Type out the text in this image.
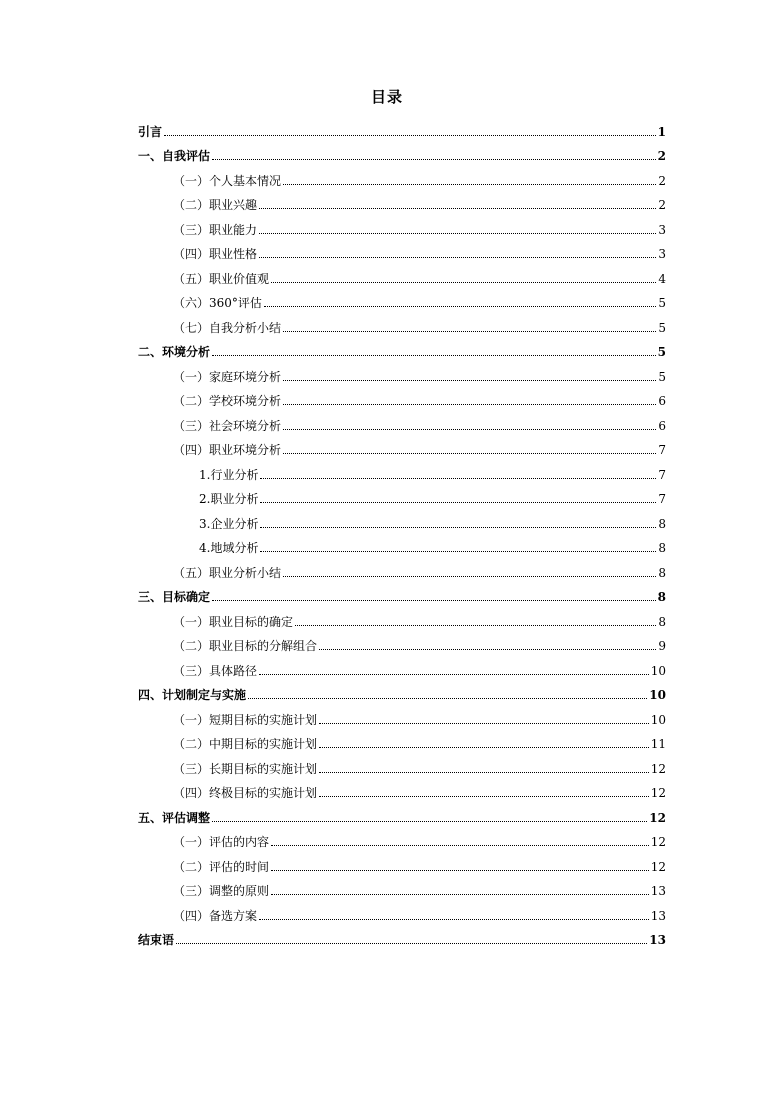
目录
引言	1
一、自我评估	2
（一）个人基本情况	2
（二）职业兴趣	2
（三）职业能力	3
（四）职业性格	3
（五）职业价值观	4
（六）360°评估	5
（七）自我分析小结	5
二、环境分析	5
（一）家庭环境分析	5
（二）学校环境分析	6
（三）社会环境分析	6
（四）职业环境分析	7
1.行业分析	7
2.职业分析	7
3.企业分析	8
4.地域分析	8
（五）职业分析小结	8
三、目标确定	8
（一）职业目标的确定	8
（二）职业目标的分解组合	9
（三）具体路径	10
四、计划制定与实施	10
（一）短期目标的实施计划	10
（二）中期目标的实施计划	11
（三）长期目标的实施计划	12
（四）终极目标的实施计划	12
五、评估调整	12
（一）评估的内容	12
（二）评估的时间	12
（三）调整的原则	13
（四）备选方案	13
结束语	13
